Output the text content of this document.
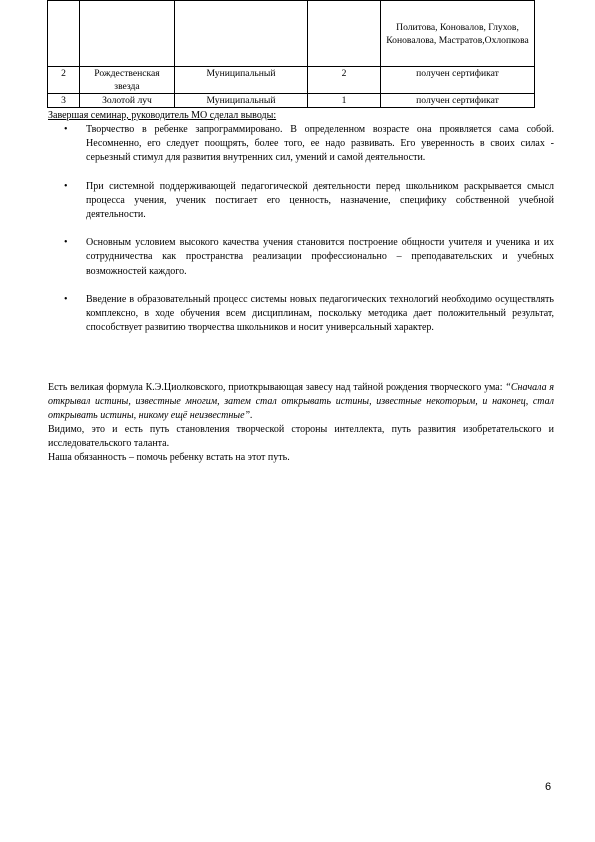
				Политова, Коновалов, Глухов, Коновалова, Мастратов,Охлопкова
2	Рождественская звезда	Муниципальный	2	получен сертификат
3	Золотой луч	Муниципальный	1	получен сертификат
Завершая семинар, руководитель МО сделал выводы:
• Творчество в ребенке запрограммировано. В определенном возрасте она проявляется сама собой. Несомненно, его следует поощрять, более того, ее надо развивать. Его уверенность в своих силах - серьезный стимул для развития внутренних сил, умений и самой деятельности.
• При системной поддерживающей педагогической деятельности перед школьником раскрывается смысл процесса учения, ученик постигает его ценность, назначение, специфику собственной учебной деятельности.
• Основным условием высокого качества учения становится построение общности учителя и ученика и их сотрудничества как пространства реализации профессионально – преподавательских и учебных возможностей каждого.
• Введение в образовательный процесс системы новых педагогических технологий необходимо осуществлять комплексно, в ходе обучения всем дисциплинам, поскольку методика дает положительный результат, способствует развитию творчества школьников и носит универсальный характер.

Есть великая формула К.Э.Циолковского, приоткрывающая завесу над тайной рождения творческого ума: “Сначала я открывал истины, известные многим, затем стал открывать истины, известные некоторым, и наконец, стал открывать истины, никому ещё неизвестные”.

Видимо, это и есть путь становления творческой стороны интеллекта, путь развития изобретательского и исследовательского таланта.

Наша обязанность – помочь ребенку встать на этот путь.

6
